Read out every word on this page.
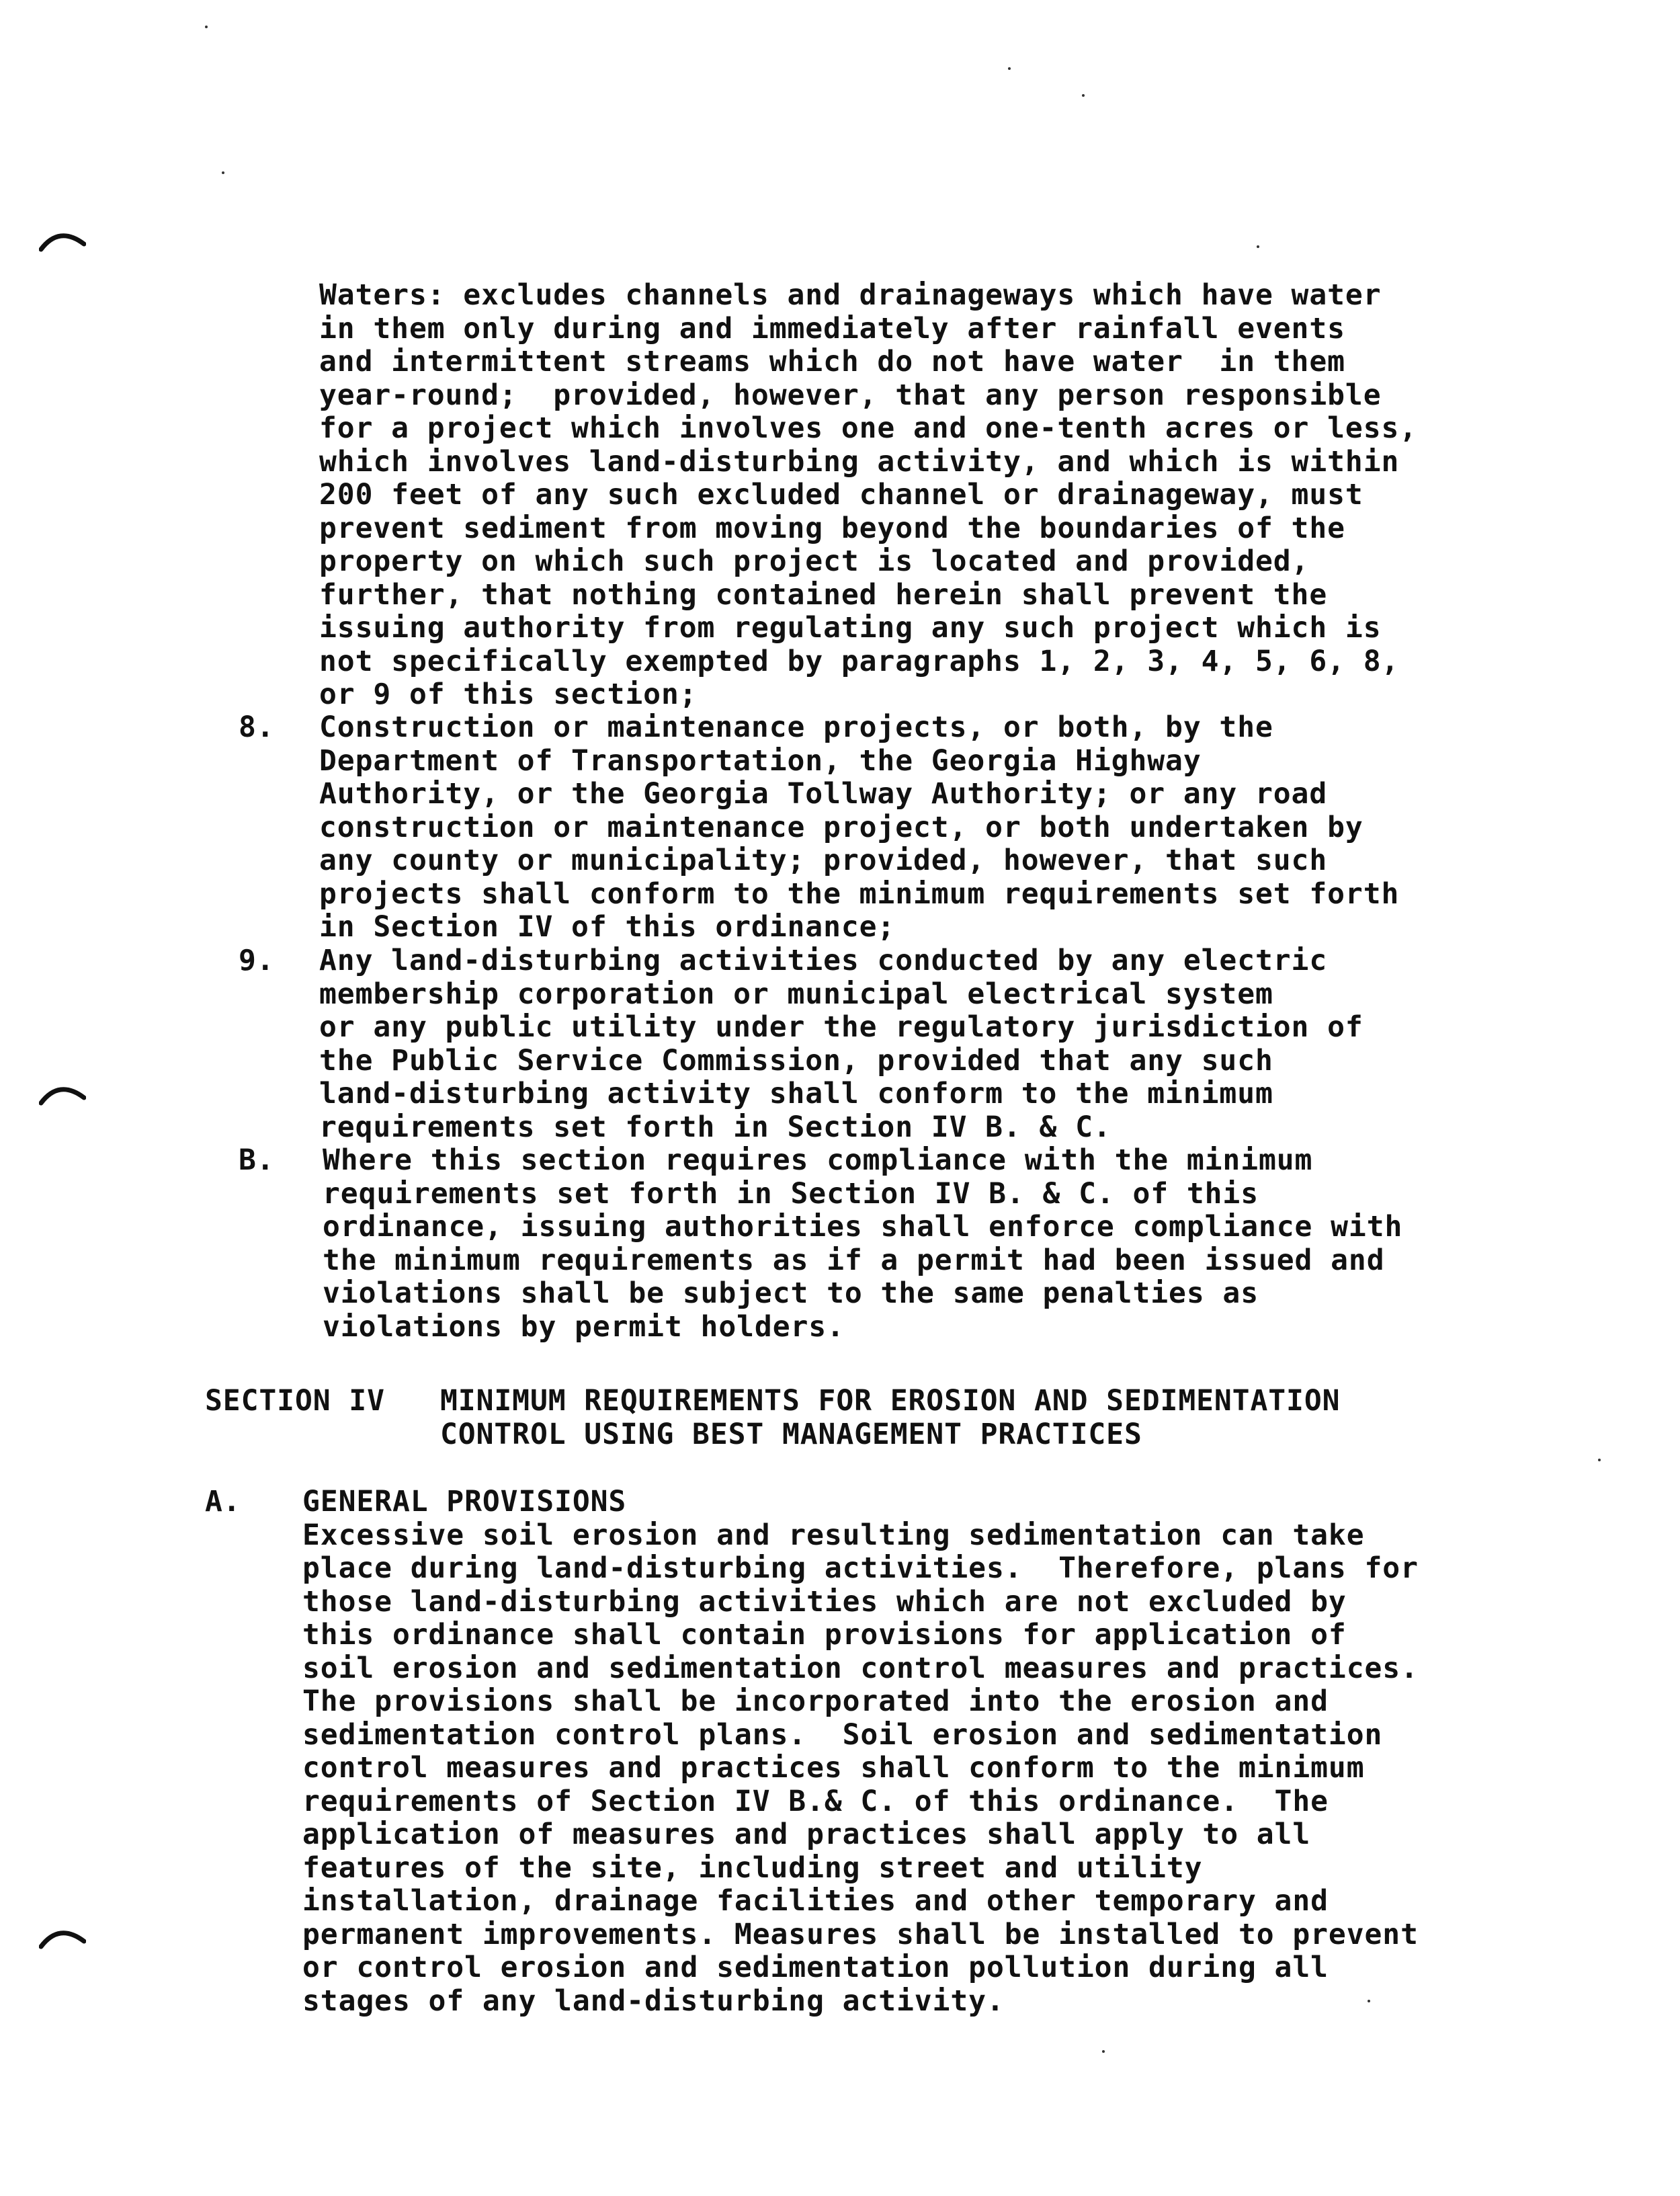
Waters: excludes channels and drainageways which have water
in them only during and immediately after rainfall events
and intermittent streams which do not have water  in them
year-round;  provided, however, that any person responsible
for a project which involves one and one-tenth acres or less,
which involves land-disturbing activity, and which is within
200 feet of any such excluded channel or drainageway, must
prevent sediment from moving beyond the boundaries of the
property on which such project is located and provided,
further, that nothing contained herein shall prevent the
issuing authority from regulating any such project which is
not specifically exempted by paragraphs 1, 2, 3, 4, 5, 6, 8,
or 9 of this section;
8. Construction or maintenance projects, or both, by the
Department of Transportation, the Georgia Highway
Authority, or the Georgia Tollway Authority; or any road
construction or maintenance project, or both undertaken by
any county or municipality; provided, however, that such
projects shall conform to the minimum requirements set forth
in Section IV of this ordinance;
9. Any land-disturbing activities conducted by any electric
membership corporation or municipal electrical system
or any public utility under the regulatory jurisdiction of
the Public Service Commission, provided that any such
land-disturbing activity shall conform to the minimum
requirements set forth in Section IV B. & C.
B. Where this section requires compliance with the minimum
requirements set forth in Section IV B. & C. of this
ordinance, issuing authorities shall enforce compliance with
the minimum requirements as if a permit had been issued and
violations shall be subject to the same penalties as
violations by permit holders.
SECTION IV MINIMUM REQUIREMENTS FOR EROSION AND SEDIMENTATION
CONTROL USING BEST MANAGEMENT PRACTICES
A. GENERAL PROVISIONS
Excessive soil erosion and resulting sedimentation can take
place during land-disturbing activities.  Therefore, plans for
those land-disturbing activities which are not excluded by
this ordinance shall contain provisions for application of
soil erosion and sedimentation control measures and practices.
The provisions shall be incorporated into the erosion and
sedimentation control plans.  Soil erosion and sedimentation
control measures and practices shall conform to the minimum
requirements of Section IV B.& C. of this ordinance.  The
application of measures and practices shall apply to all
features of the site, including street and utility
installation, drainage facilities and other temporary and
permanent improvements. Measures shall be installed to prevent
or control erosion and sedimentation pollution during all
stages of any land-disturbing activity.
